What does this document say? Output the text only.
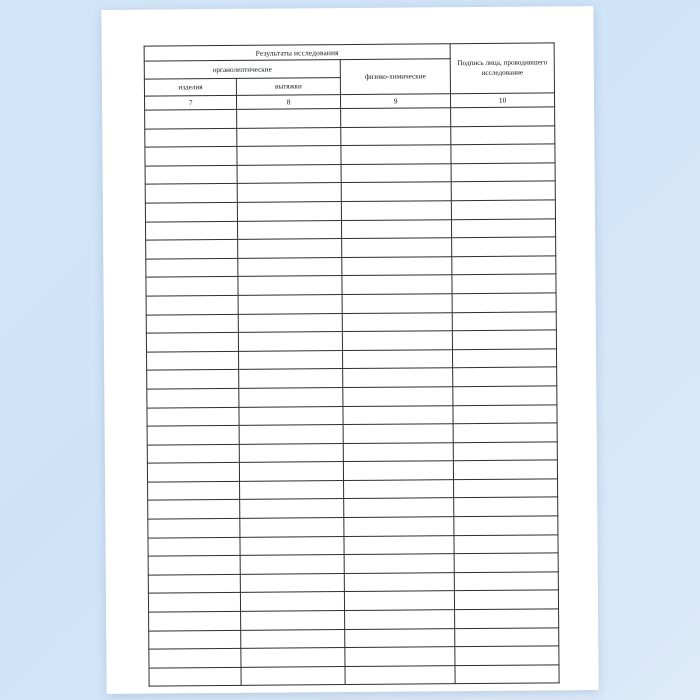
Результаты исследования			Подпись лица, проводившего исследование
органолептические		физико-химические	
изделия	вытяжки		
7	8	9	10
